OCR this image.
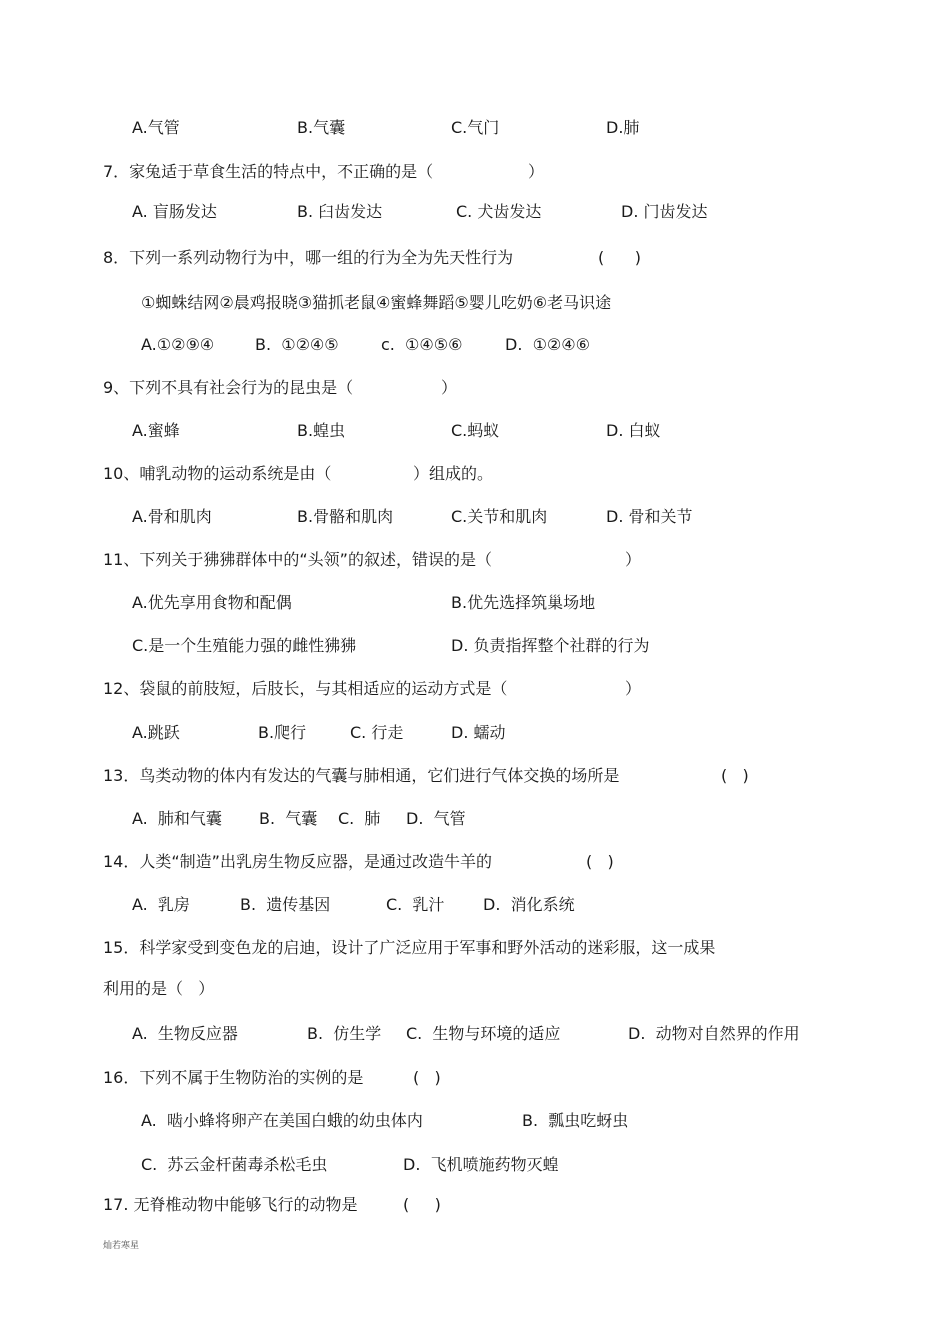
A.气管	B.气囊	C.气门	D.肺
7．家兔适于草食生活的特点中，不正确的是（	）
A. 盲肠发达	B. 臼齿发达	C. 犬齿发达	D. 门齿发达
8．下列一系列动物行为中，哪一组的行为全为先天性行为	(      )
①蜘蛛结网②晨鸡报晓③猫抓老鼠④蜜蜂舞蹈⑤婴儿吃奶⑥老马识途
A.①②⑨④	B.  ①②④⑤	c.  ①④⑤⑥	D.  ①②④⑥
9、下列不具有社会行为的昆虫是（	）
A.蜜蜂	B.蝗虫	C.蚂蚁	D. 白蚁
10、哺乳动物的运动系统是由（	）组成的。
A.骨和肌肉	B.骨骼和肌肉	C.关节和肌肉	D. 骨和关节
11、下列关于狒狒群体中的“头领”的叙述，错误的是（	）
A.优先享用食物和配偶	B.优先选择筑巢场地
C.是一个生殖能力强的雌性狒狒	D. 负责指挥整个社群的行为
12、袋鼠的前肢短，后肢长，与其相适应的运动方式是（	）
A.跳跃	B.爬行	C. 行走	D. 蠕动
13．鸟类动物的体内有发达的气囊与肺相通，它们进行气体交换的场所是	(   )
A.  肺和气囊 B.  气囊 C.  肺 D.  气管
14．人类“制造”出乳房生物反应器，是通过改造牛羊的	(   )
A.  乳房	B.  遗传基因	C.  乳汁 D.  消化系统
15．科学家受到变色龙的启迪，设计了广泛应用于军事和野外活动的迷彩服，这一成果
利用的是（   ）
A.  生物反应器	B.  仿生学 C.  生物与环境的适应	D.  动物对自然界的作用
16．下列不属于生物防治的实例的是	(   )
A.  啮小蜂将卵产在美国白蛾的幼虫体内	B.  瓢虫吃蚜虫
C.  苏云金杆菌毒杀松毛虫	D.  飞机喷施药物灭蝗
17. 无脊椎动物中能够飞行的动物是	(     )
灿若寒星
